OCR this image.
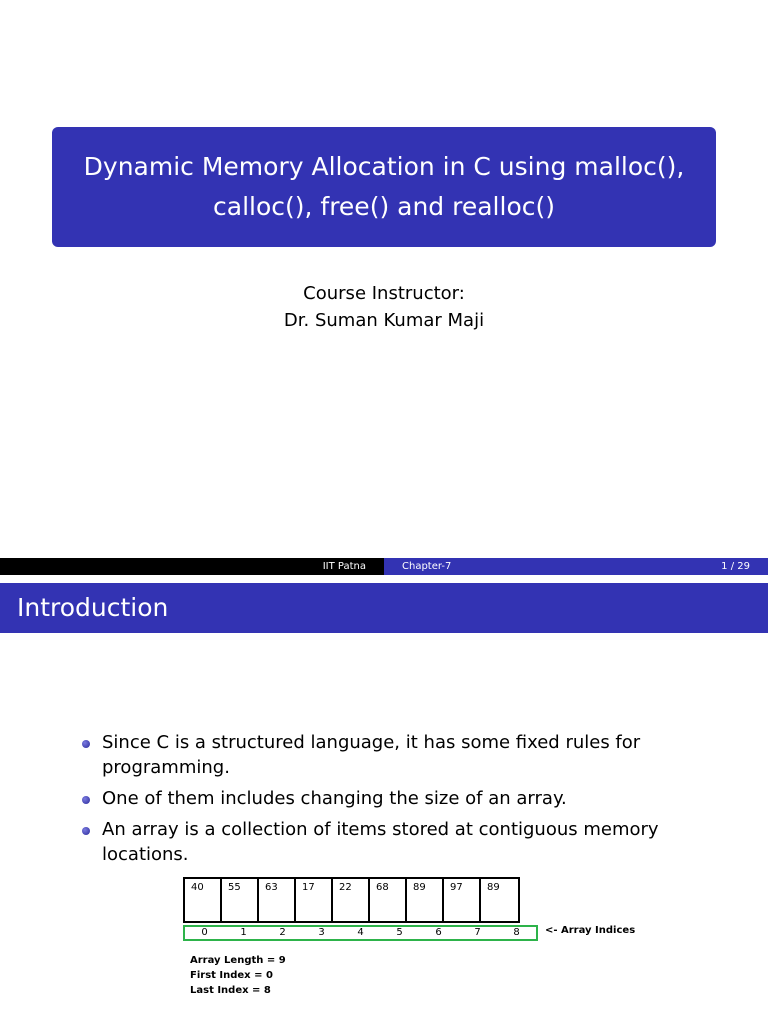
Dynamic Memory Allocation in C using malloc(),
calloc(), free() and realloc()
Course Instructor:
Dr. Suman Kumar Maji
IIT Patna	Chapter-7	1 / 29
Introduction
Since C is a structured language, it has some fixed rules for programming.
One of them includes changing the size of an array.
An array is a collection of items stored at contiguous memory locations.
40	55	63	17	22	68	89	97	89
0	1	2	3	4	5	6	7	8	<- Array Indices
Array Length = 9
First Index = 0
Last Index = 8
